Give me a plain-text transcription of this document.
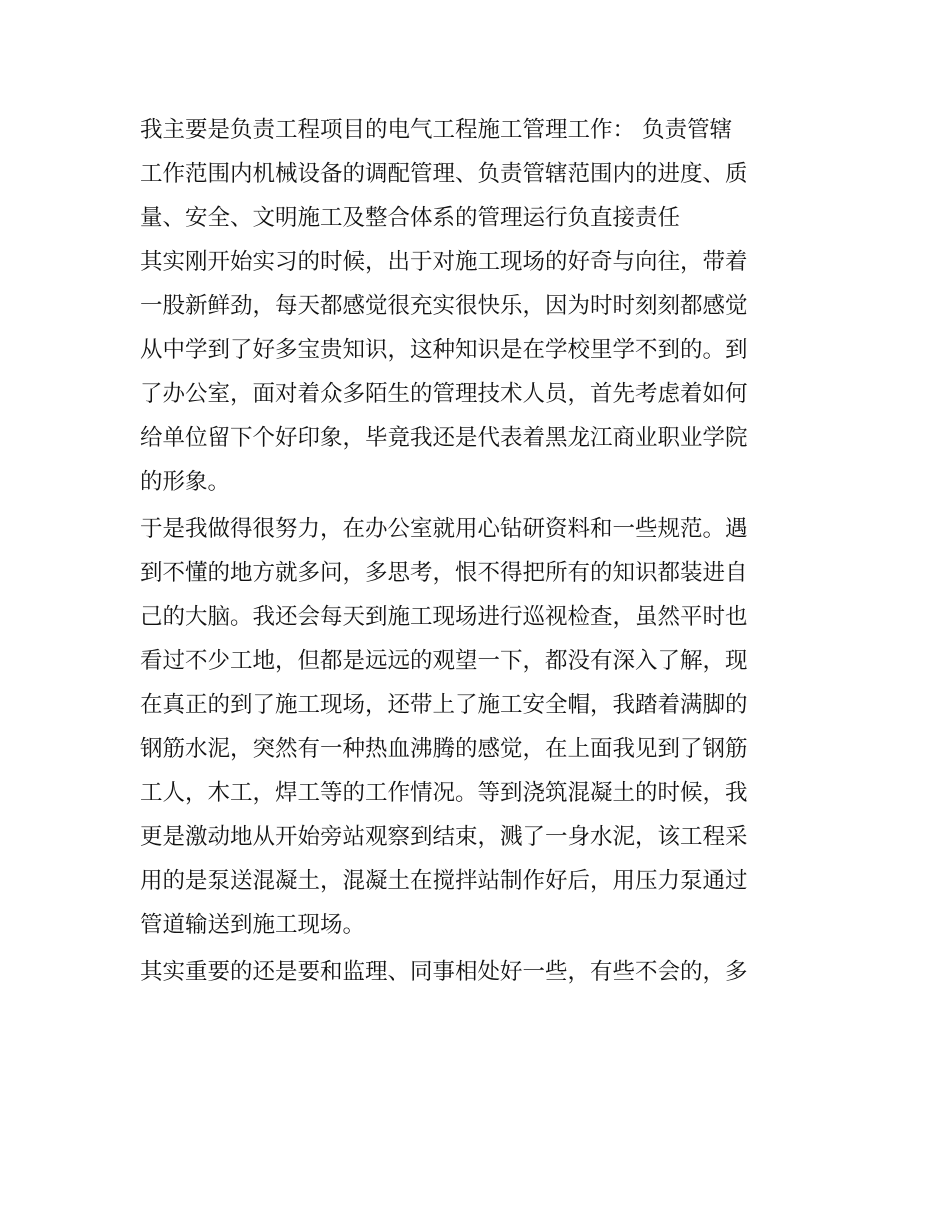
我主要是负责工程项目的电气工程施工管理工作： 负责管辖

工作范围内机械设备的调配管理、负责管辖范围内的进度、质

量、安全、文明施工及整合体系的管理运行负直接责任

其实刚开始实习的时候，出于对施工现场的好奇与向往，带着

一股新鲜劲，每天都感觉很充实很快乐，因为时时刻刻都感觉

从中学到了好多宝贵知识，这种知识是在学校里学不到的。到

了办公室，面对着众多陌生的管理技术人员，首先考虑着如何

给单位留下个好印象，毕竟我还是代表着黑龙江商业职业学院

的形象。

于是我做得很努力，在办公室就用心钻研资料和一些规范。遇

到不懂的地方就多问，多思考，恨不得把所有的知识都装进自

己的大脑。我还会每天到施工现场进行巡视检查，虽然平时也

看过不少工地，但都是远远的观望一下，都没有深入了解，现

在真正的到了施工现场，还带上了施工安全帽，我踏着满脚的

钢筋水泥，突然有一种热血沸腾的感觉，在上面我见到了钢筋

工人，木工，焊工等的工作情况。等到浇筑混凝土的时候，我

更是激动地从开始旁站观察到结束，溅了一身水泥，该工程采

用的是泵送混凝土，混凝土在搅拌站制作好后，用压力泵通过

管道输送到施工现场。

其实重要的还是要和监理、同事相处好一些，有些不会的，多
